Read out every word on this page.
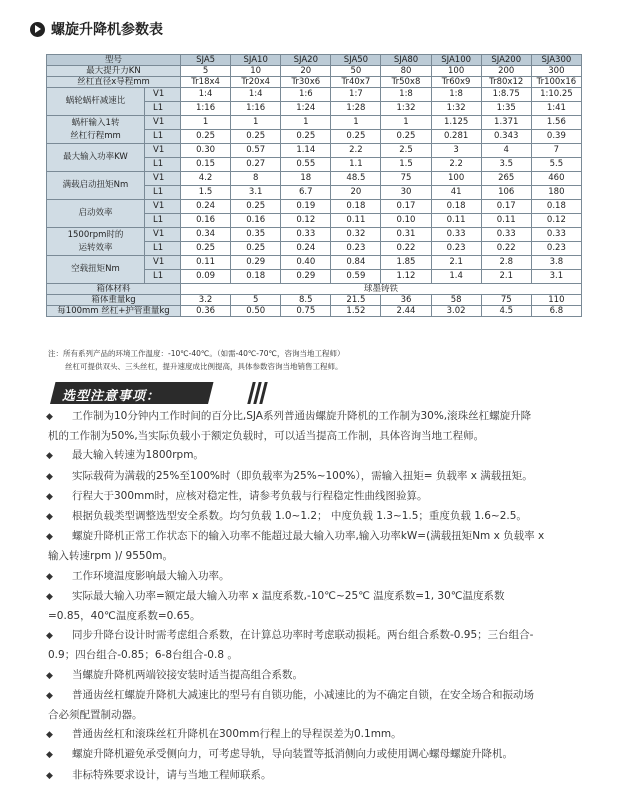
螺旋升降机参数表
型号		SJA5	SJA10	SJA20	SJA50	SJA80	SJA100	SJA200	SJA300
最大提升力KN		5	10	20	50	80	100	200	300
丝杠直径x导程mm		Tr18x4	Tr20x4	Tr30x6	Tr40x7	Tr50x8	Tr60x9	Tr80x12	Tr100x16
蜗轮蜗杆减速比	V1	1:4	1:4	1:6	1:7	1:8	1:8	1:8.75	1:10.25
	L1	1:16	1:16	1:24	1:28	1:32	1:32	1:35	1:41

蜗杆输入1转
丝杠行程mm	V1	1	1	1	1	1	1.125	1.371	1.56
	L1	0.25	0.25	0.25	0.25	0.25	0.281	0.343	0.39
最大输入功率KW	V1	0.30	0.57	1.14	2.2	2.5	3	4	7
	L1	0.15	0.27	0.55	1.1	1.5	2.2	3.5	5.5
满载启动扭矩Nm	V1	4.2	8	18	48.5	75	100	265	460
	L1	1.5	3.1	6.7	20	30	41	106	180
启动效率	V1	0.24	0.25	0.19	0.18	0.17	0.18	0.17	0.18
	L1	0.16	0.16	0.12	0.11	0.10	0.11	0.11	0.12

1500rpm时的
运转效率	V1	0.34	0.35	0.33	0.32	0.31	0.33	0.33	0.33
	L1	0.25	0.25	0.24	0.23	0.22	0.23	0.22	0.23
空载扭矩Nm	V1	0.11	0.29	0.40	0.84	1.85	2.1	2.8	3.8
	L1	0.09	0.18	0.29	0.59	1.12	1.4	2.1	3.1
箱体材料		球墨铸铁							
箱体重量kg		3.2	5	8.5	21.5	36	58	75	110
每100mm 丝杠+护管重量kg		0.36	0.50	0.75	1.52	2.44	3.02	4.5	6.8
注：所有系列产品的环境工作温度：-10℃-40℃。（如需-40℃-70℃，咨询当地工程师）
丝杠可提供双头、三头丝杠，提升速度成比例提高，具体参数咨询当地销售工程师。
选型注意事项：
◆ 工作制为10分钟内工作时间的百分比,SJA系列普通齿螺旋升降机的工作制为30%,滚珠丝杠螺旋升降
机的工作制为50%,当实际负载小于额定负载时，可以适当提高工作制，具体咨询当地工程师。
◆ 最大输入转速为1800rpm。
◆ 实际载荷为满载的25%至100%时（即负载率为25%~100%），需输入扭矩= 负载率 x 满载扭矩。
◆ 行程大于300mm时，应核对稳定性，请参考负载与行程稳定性曲线图验算。
◆ 根据负载类型调整选型安全系数。均匀负载 1.0~1.2； 中度负载 1.3~1.5；重度负载 1.6~2.5。
◆ 螺旋升降机正常工作状态下的输入功率不能超过最大输入功率,输入功率kW=(满载扭矩Nm x 负载率 x
输入转速rpm )/ 9550m。
◆ 工作环境温度影响最大输入功率。
◆ 实际最大输入功率=额定最大输入功率 x 温度系数,-10℃~25℃ 温度系数=1, 30℃温度系数
=0.85，40℃温度系数=0.65。
◆ 同步升降台设计时需考虑组合系数，在计算总功率时考虑联动损耗。两台组合系数-0.95；三台组合-
0.9；四台组合-0.85；6-8台组合-0.8 。
◆ 当螺旋升降机两端铰接安装时适当提高组合系数。
◆ 普通齿丝杠螺旋升降机大减速比的型号有自锁功能，小减速比的为不确定自锁，在安全场合和振动场
合必须配置制动器。
◆ 普通齿丝杠和滚珠丝杠升降机在300mm行程上的导程误差为0.1mm。
◆ 螺旋升降机避免承受侧向力，可考虑导轨，导向装置等抵消侧向力或使用调心螺母螺旋升降机。
◆ 非标特殊要求设计，请与当地工程师联系。
